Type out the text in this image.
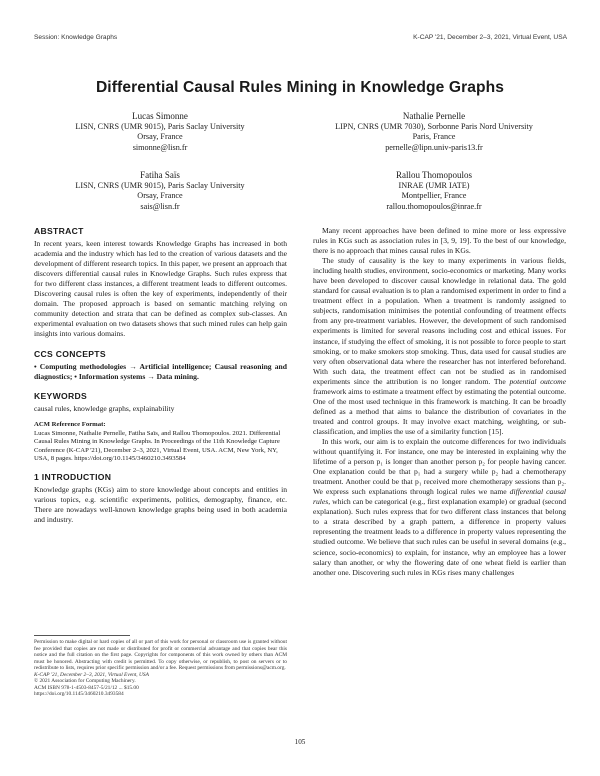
Session: Knowledge Graphs	K-CAP '21, December 2–3, 2021, Virtual Event, USA
Differential Causal Rules Mining in Knowledge Graphs
Lucas Simonne
LISN, CNRS (UMR 9015), Paris Saclay University
Orsay, France
simonne@lisn.fr
Nathalie Pernelle
LIPN, CNRS (UMR 7030), Sorbonne Paris Nord University
Paris, France
pernelle@lipn.univ-paris13.fr
Fatiha Saïs
LISN, CNRS (UMR 9015), Paris Saclay University
Orsay, France
sais@lisn.fr
Rallou Thomopoulos
INRAE (UMR IATE)
Montpellier, France
rallou.thomopoulos@inrae.fr
ABSTRACT

In recent years, keen interest towards Knowledge Graphs has increased in both academia and the industry which has led to the creation of various datasets and the development of different research topics. In this paper, we present an approach that discovers differential causal rules in Knowledge Graphs. Such rules express that for two different class instances, a different treatment leads to different outcomes. Discovering causal rules is often the key of experiments, independently of their domain. The proposed approach is based on semantic matching relying on community detection and strata that can be defined as complex sub-classes. An experimental evaluation on two datasets shows that such mined rules can help gain insights into various domains.

CCS CONCEPTS

• Computing methodologies → Artificial intelligence; Causal reasoning and diagnostics; • Information systems → Data mining.

KEYWORDS

causal rules, knowledge graphs, explainability

ACM Reference Format:

Lucas Simonne, Nathalie Pernelle, Fatiha Saïs, and Rallou Thomopoulos. 2021. Differential Causal Rules Mining in Knowledge Graphs. In Proceedings of the 11th Knowledge Capture Conference (K-CAP '21), December 2–3, 2021, Virtual Event, USA. ACM, New York, NY, USA, 8 pages. https://doi.org/10.1145/3460210.3493584

1 INTRODUCTION

Knowledge graphs (KGs) aim to store knowledge about concepts and entities in various topics, e.g. scientific experiments, politics, demography, finance, etc. There are nowadays well-known knowledge graphs being used in both academia and industry.

Permission to make digital or hard copies of all or part of this work for personal or classroom use is granted without fee provided that copies are not made or distributed for profit or commercial advantage and that copies bear this notice and the full citation on the first page. Copyrights for components of this work owned by others than ACM must be honored. Abstracting with credit is permitted. To copy otherwise, or republish, to post on servers or to redistribute to lists, requires prior specific permission and/or a fee. Request permissions from permissions@acm.org.
K-CAP '21, December 2–3, 2021, Virtual Event, USA
© 2021 Association for Computing Machinery.
ACM ISBN 978-1-4503-8457-5/21/12 ... $15.00
https://doi.org/10.1145/3460210.3493584

Many recent approaches have been defined to mine more or less expressive rules in KGs such as association rules in [3, 9, 19]. To the best of our knowledge, there is no approach that mines causal rules in KGs.

The study of causality is the key to many experiments in various fields, including health studies, environment, socio-economics or marketing. Many works have been developed to discover causal knowledge in relational data. The gold standard for causal evaluation is to plan a randomised experiment in order to find a treatment effect in a population. When a treatment is randomly assigned to subjects, randomisation minimises the potential confounding of treatment effects from any pre-treatment variables. However, the development of such randomised experiments is limited for several reasons including cost and ethical issues. For instance, if studying the effect of smoking, it is not possible to force people to start smoking, or to make smokers stop smoking. Thus, data used for causal studies are very often observational data where the researcher has not interfered beforehand. With such data, the treatment effect can not be studied as in randomised experiments since the attribution is no longer random. The potential outcome framework aims to estimate a treatment effect by estimating the potential outcome. One of the most used technique in this framework is matching. It can be broadly defined as a method that aims to balance the distribution of covariates in the treated and control groups. It may involve exact matching, weighting, or sub-classification, and implies the use of a similarity function [15].

In this work, our aim is to explain the outcome differences for two individuals without quantifying it. For instance, one may be interested in explaining why the lifetime of a person p₁ is longer than another person p₂ for people having cancer. One explanation could be that p₁ had a surgery while p₂ had a chemotherapy treatment. Another could be that p₁ received more chemotherapy sessions than p₂. We express such explanations through logical rules we name differential causal rules, which can be categorical (e.g., first explanation example) or gradual (second explanation). Such rules express that for two different class instances that belong to a strata described by a graph pattern, a difference in property values representing the treatment leads to a difference in property values representing the studied outcome. We believe that such rules can be useful in several domains (e.g., science, socio-economics) to explain, for instance, why an employee has a lower salary than another, or why the flowering date of one wheat field is earlier than another one. Discovering such rules in KGs rises many challenges

105
